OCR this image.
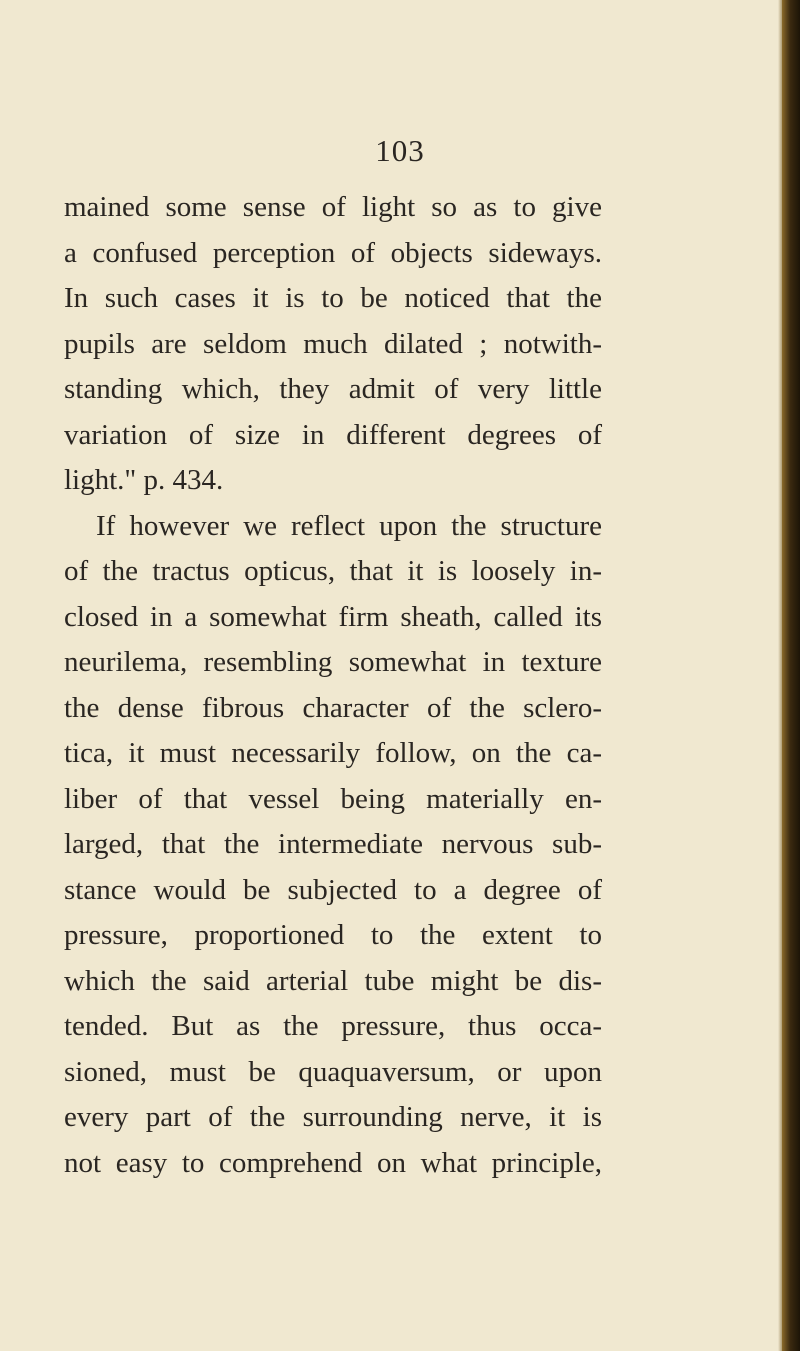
103
mained some sense of light so as to give
a confused perception of objects sideways.
In such cases it is to be noticed that the
pupils are seldom much dilated ; notwith-
standing which, they admit of very little
variation of size in different degrees of
light." p. 434.
If however we reflect upon the structure
of the tractus opticus, that it is loosely in-
closed in a somewhat firm sheath, called its
neurilema, resembling somewhat in texture
the dense fibrous character of the sclero-
tica, it must necessarily follow, on the ca-
liber of that vessel being materially en-
larged, that the intermediate nervous sub-
stance would be subjected to a degree of
pressure, proportioned to the extent to
which the said arterial tube might be dis-
tended. But as the pressure, thus occa-
sioned, must be quaquaversum, or upon
every part of the surrounding nerve, it is
not easy to comprehend on what principle,
